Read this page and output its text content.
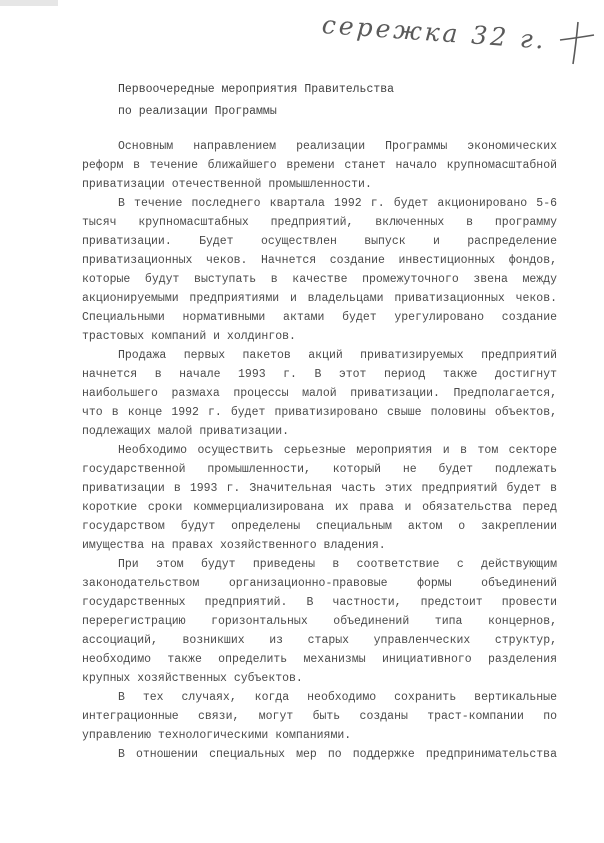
сережка 32 г.
Первоочередные мероприятия Правительства
по реализации Программы
Основным направлением реализации Программы экономических
реформ в течение ближайшего времени станет начало крупномасштабной
приватизации отечественной промышленности.
В течение последнего квартала 1992 г. будет акционировано 5-6
тысяч крупномасштабных предприятий, включенных в программу
приватизации. Будет осуществлен выпуск и распределение
приватизационных чеков. Начнется создание инвестиционных фондов,
которые будут выступать в качестве промежуточного звена между
акционируемыми предприятиями и владельцами приватизационных чеков.
Специальными нормативными актами будет урегулировано создание
трастовых компаний и холдингов.
Продажа первых пакетов акций приватизируемых предприятий
начнется в начале 1993 г. В этот период также достигнут
наибольшего размаха процессы малой приватизации. Предполагается,
что в конце 1992 г. будет приватизировано свыше половины объектов,
подлежащих малой приватизации.
Необходимо осуществить серьезные мероприятия и в том секторе
государственной промышленности, который не будет подлежать
приватизации в 1993 г. Значительная часть этих предприятий будет в
короткие сроки коммерциализирована их права и обязательства перед
государством будут определены специальным актом о закреплении
имущества на правах хозяйственного владения.
При этом будут приведены в соответствие с действующим
законодательством организационно-правовые формы объединений
государственных предприятий. В частности, предстоит провести
перерегистрацию горизонтальных объединений типа концернов,
ассоциаций, возникших из старых управленческих структур,
необходимо также определить механизмы инициативного разделения
крупных хозяйственных субъектов.
В тех случаях, когда необходимо сохранить вертикальные
интеграционные связи, могут быть созданы траст-компании по
управлению технологическими компаниями.
В отношении специальных мер по поддержке предпринимательства
